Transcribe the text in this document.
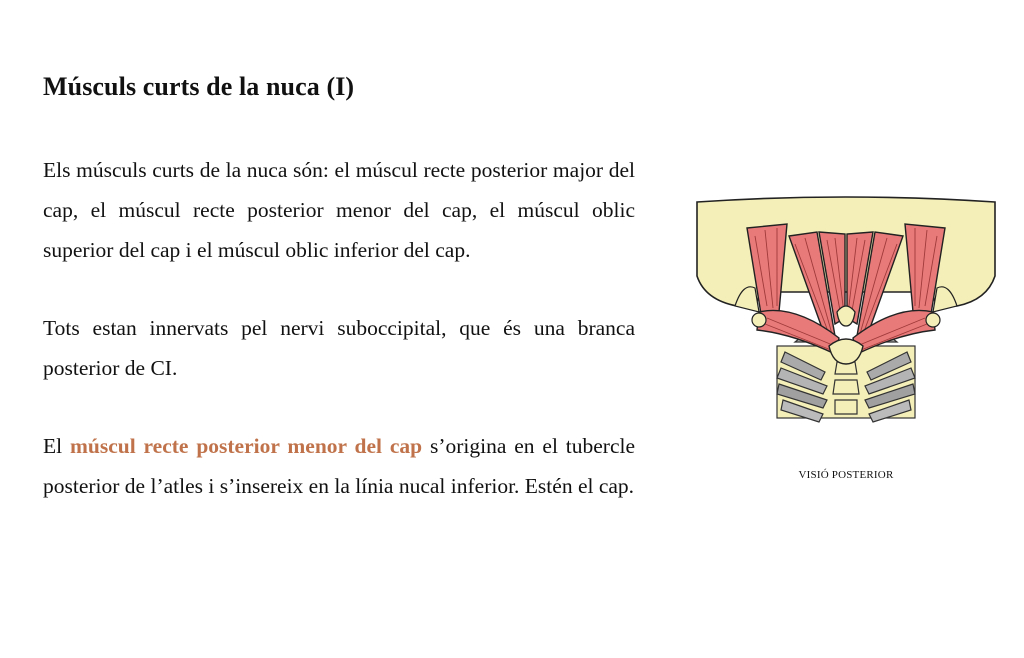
Músculs curts de la nuca (I)

Els músculs curts de la nuca són: el múscul recte posterior major del cap, el múscul recte posterior menor del cap, el múscul oblic superior del cap i el múscul oblic inferior del cap.

Tots estan innervats pel nervi suboccipital, que és una branca posterior de CI.

El múscul recte posterior menor del cap s’origina en el tubercle posterior de l’atles i s’insereix en la línia nucal inferior. Estén el cap.	VISIÓ POSTERIOR
